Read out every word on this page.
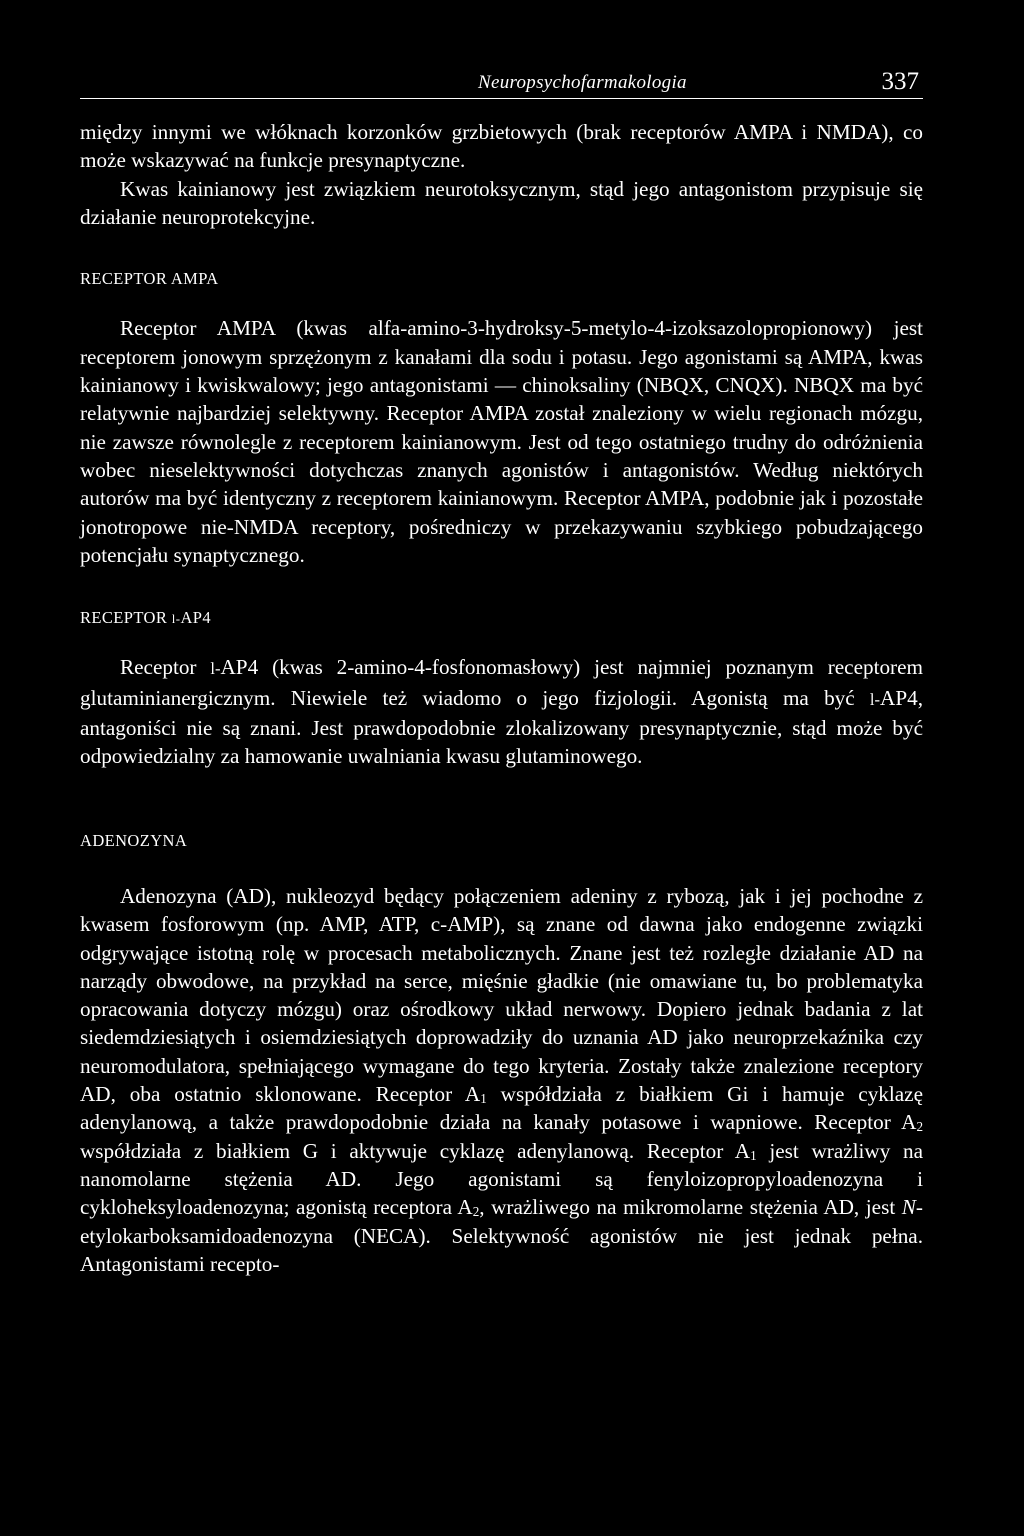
Neuropsychofarmakologia	337

między innymi we włóknach korzonków grzbietowych (brak receptorów AMPA i NMDA), co może wskazywać na funkcje presynaptyczne.

Kwas kainianowy jest związkiem neurotoksycznym, stąd jego antagonistom przypisuje się działanie neuroprotekcyjne.

RECEPTOR AMPA

Receptor AMPA (kwas alfa-amino-3-hydroksy-5-metylo-4-izoksazolopropionowy) jest receptorem jonowym sprzężonym z kanałami dla sodu i potasu. Jego agonistami są AMPA, kwas kainianowy i kwiskwalowy; jego antagonistami — chinoksaliny (NBQX, CNQX). NBQX ma być relatywnie najbardziej selektywny. Receptor AMPA został znaleziony w wielu regionach mózgu, nie zawsze równolegle z receptorem kainianowym. Jest od tego ostatniego trudny do odróżnienia wobec nieselektywności dotychczas znanych agonistów i antagonistów. Według niektórych autorów ma być identyczny z receptorem kainianowym. Receptor AMPA, podobnie jak i pozostałe jonotropowe nie-NMDA receptory, pośredniczy w przekazywaniu szybkiego pobudzającego potencjału synaptycznego.

RECEPTOR l-AP4

Receptor l-AP4 (kwas 2-amino-4-fosfonomasłowy) jest najmniej poznanym receptorem glutaminianergicznym. Niewiele też wiadomo o jego fizjologii. Agonistą ma być l-AP4, antagoniści nie są znani. Jest prawdopodobnie zlokalizowany presynaptycznie, stąd może być odpowiedzialny za hamowanie uwalniania kwasu glutaminowego.

ADENOZYNA

Adenozyna (AD), nukleozyd będący połączeniem adeniny z rybozą, jak i jej pochodne z kwasem fosforowym (np. AMP, ATP, c-AMP), są znane od dawna jako endogenne związki odgrywające istotną rolę w procesach metabolicznych. Znane jest też rozległe działanie AD na narządy obwodowe, na przykład na serce, mięśnie gładkie (nie omawiane tu, bo problematyka opracowania dotyczy mózgu) oraz ośrodkowy układ nerwowy. Dopiero jednak badania z lat siedemdziesiątych i osiemdziesiątych doprowadziły do uznania AD jako neuroprzekaźnika czy neuromodulatora, spełniającego wymagane do tego kryteria. Zostały także znalezione receptory AD, oba ostatnio sklonowane. Receptor $A_1$ współdziała z białkiem Gi i hamuje cyklazę adenylanową, a także prawdopodobnie działa na kanały potasowe i wapniowe. Receptor $A_2$ współdziała z białkiem G i aktywuje cyklazę adenylanową. Receptor $A_1$ jest wrażliwy na nanomolarne stężenia AD. Jego agonistami są fenyloizopropyloadenozyna i cykloheksyloadenozyna; agonistą receptora $A_2$, wrażliwego na mikromolarne stężenia AD, jest N-etylokarboksamidoadenozyna (NECA). Selektywność agonistów nie jest jednak pełna. Antagonistami recepto-
